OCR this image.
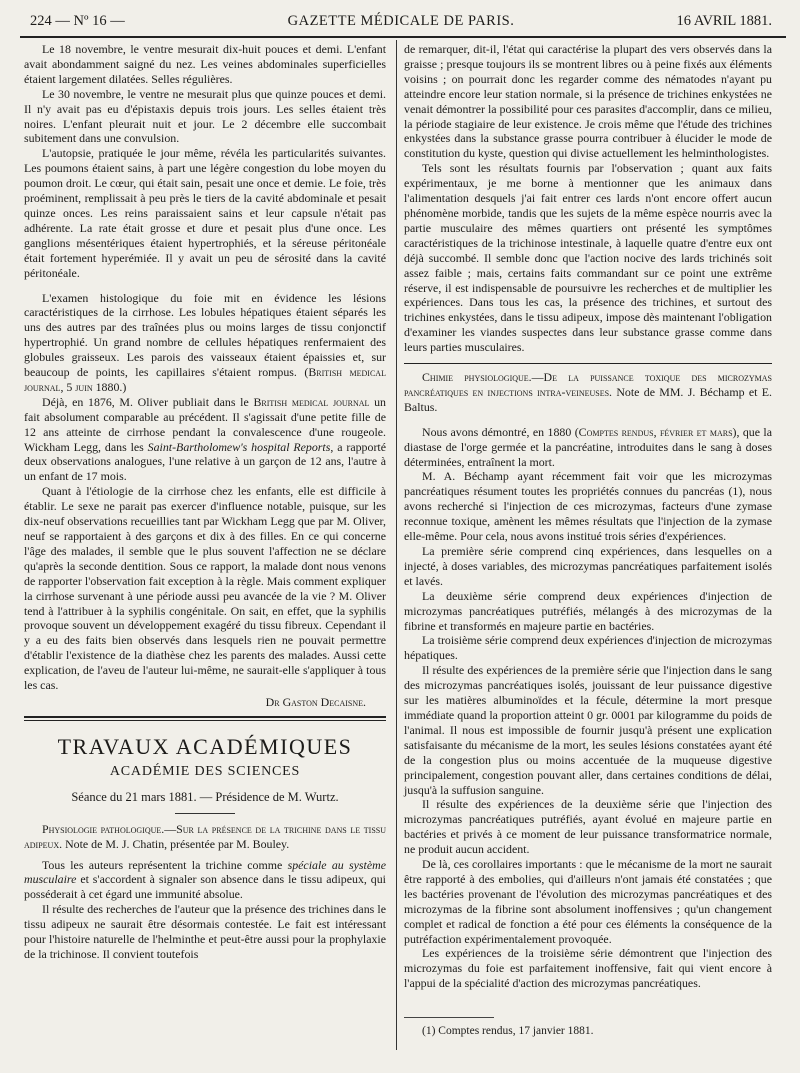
224 — Nº 16 —	GAZETTE MÉDICALE DE PARIS.	16 AVRIL 1881.

Le 18 novembre, le ventre mesurait dix-huit pouces et demi. L'enfant avait abondamment saigné du nez. Les veines abdominales superficielles étaient largement dilatées. Selles régulières.

Le 30 novembre, le ventre ne mesurait plus que quinze pouces et demi. Il n'y avait pas eu d'épistaxis depuis trois jours. Les selles étaient très noires. L'enfant pleurait nuit et jour. Le 2 décembre elle succombait subitement dans une convulsion.

L'autopsie, pratiquée le jour même, révéla les particularités suivantes. Les poumons étaient sains, à part une légère congestion du lobe moyen du poumon droit. Le cœur, qui était sain, pesait une once et demie. Le foie, très proéminent, remplissait à peu près le tiers de la cavité abdominale et pesait quinze onces. Les reins paraissaient sains et leur capsule n'était pas adhérente. La rate était grosse et dure et pesait plus d'une once. Les ganglions mésentériques étaient hypertrophiés, et la séreuse péritonéale était fortement hyperémiée. Il y avait un peu de sérosité dans la cavité péritonéale.

L'examen histologique du foie mit en évidence les lésions caractéristiques de la cirrhose. Les lobules hépatiques étaient séparés les uns des autres par des traînées plus ou moins larges de tissu conjonctif hypertrophié. Un grand nombre de cellules hépatiques renfermaient des globules graisseux. Les parois des vaisseaux étaient épaissies et, sur beaucoup de points, les capillaires s'étaient rompus. (British medical journal, 5 juin 1880.)

Déjà, en 1876, M. Oliver publiait dans le British medical journal un fait absolument comparable au précédent. Il s'agissait d'une petite fille de 12 ans atteinte de cirrhose pendant la convalescence d'une rougeole. Wickham Legg, dans les Saint-Bartholomew's hospital Reports, a rapporté deux observations analogues, l'une relative à un garçon de 12 ans, l'autre à un enfant de 17 mois.

Quant à l'étiologie de la cirrhose chez les enfants, elle est difficile à établir. Le sexe ne parait pas exercer d'influence notable, puisque, sur les dix-neuf observations recueillies tant par Wickham Legg que par M. Oliver, neuf se rapportaient à des garçons et dix à des filles. En ce qui concerne l'âge des malades, il semble que le plus souvent l'affection ne se déclare qu'après la seconde dentition. Sous ce rapport, la malade dont nous venons de rapporter l'observation fait exception à la règle. Mais comment expliquer la cirrhose survenant à une période aussi peu avancée de la vie ? M. Oliver tend à l'attribuer à la syphilis congénitale. On sait, en effet, que la syphilis provoque souvent un développement exagéré du tissu fibreux. Cependant il y a eu des faits bien observés dans lesquels rien ne pouvait permettre d'établir l'existence de la diathèse chez les parents des malades. Aussi cette explication, de l'aveu de l'auteur lui-même, ne saurait-elle s'appliquer à tous les cas.

Dr Gaston Decaisne.
TRAVAUX ACADÉMIQUES
ACADÉMIE DES SCIENCES
Séance du 21 mars 1881. — Présidence de M. Wurtz.

Physiologie pathologique.—Sur la présence de la trichine dans le tissu adipeux. Note de M. J. Chatin, présentée par M. Bouley.

Tous les auteurs représentent la trichine comme spéciale au système musculaire et s'accordent à signaler son absence dans le tissu adipeux, qui posséderait à cet égard une immunité absolue.

Il résulte des recherches de l'auteur que la présence des trichines dans le tissu adipeux ne saurait être désormais contestée. Le fait est intéressant pour l'histoire naturelle de l'helminthe et peut-être aussi pour la prophylaxie de la trichinose. Il convient toutefois

de remarquer, dit-il, l'état qui caractérise la plupart des vers observés dans la graisse ; presque toujours ils se montrent libres ou à peine fixés aux éléments voisins ; on pourrait donc les regarder comme des nématodes n'ayant pu atteindre encore leur station normale, si la présence de trichines enkystées ne venait démontrer la possibilité pour ces parasites d'accomplir, dans ce milieu, la période stagiaire de leur existence. Je crois même que l'étude des trichines enkystées dans la substance grasse pourra contribuer à élucider le mode de constitution du kyste, question qui divise actuellement les helminthologistes.

Tels sont les résultats fournis par l'observation ; quant aux faits expérimentaux, je me borne à mentionner que les animaux dans l'alimentation desquels j'ai fait entrer ces lards n'ont encore offert aucun phénomène morbide, tandis que les sujets de la même espèce nourris avec la partie musculaire des mêmes quartiers ont présenté les symptômes caractéristiques de la trichinose intestinale, à laquelle quatre d'entre eux ont déjà succombé. Il semble donc que l'action nocive des lards trichinés soit assez faible ; mais, certains faits commandant sur ce point une extrême réserve, il est indispensable de poursuivre les recherches et de multiplier les expériences. Dans tous les cas, la présence des trichines, et surtout des trichines enkystées, dans le tissu adipeux, impose dès maintenant l'obligation d'examiner les viandes suspectes dans leur substance grasse comme dans leurs parties musculaires.

Chimie physiologique.—De la puissance toxique des microzymas pancréatiques en injections intra-veineuses. Note de MM. J. Béchamp et E. Baltus.

Nous avons démontré, en 1880 (Comptes rendus, février et mars), que la diastase de l'orge germée et la pancréatine, introduites dans le sang à doses déterminées, entraînent la mort.

M. A. Béchamp ayant récemment fait voir que les microzymas pancréatiques résument toutes les propriétés connues du pancréas (1), nous avons recherché si l'injection de ces microzymas, facteurs d'une zymase reconnue toxique, amènent les mêmes résultats que l'injection de la zymase elle-même. Pour cela, nous avons institué trois séries d'expériences.

La première série comprend cinq expériences, dans lesquelles on a injecté, à doses variables, des microzymas pancréatiques parfaitement isolés et lavés.

La deuxième série comprend deux expériences d'injection de microzymas pancréatiques putréfiés, mélangés à des microzymas de la fibrine et transformés en majeure partie en bactéries.

La troisième série comprend deux expériences d'injection de microzymas hépatiques.

Il résulte des expériences de la première série que l'injection dans le sang des microzymas pancréatiques isolés, jouissant de leur puissance digestive sur les matières albuminoïdes et la fécule, détermine la mort presque immédiate quand la proportion atteint 0 gr. 0001 par kilogramme du poids de l'animal. Il nous est impossible de fournir jusqu'à présent une explication satisfaisante du mécanisme de la mort, les seules lésions constatées ayant été de la congestion plus ou moins accentuée de la muqueuse digestive principalement, congestion pouvant aller, dans certaines conditions de délai, jusqu'à la suffusion sanguine.

Il résulte des expériences de la deuxième série que l'injection des microzymas pancréatiques putréfiés, ayant évolué en majeure partie en bactéries et privés à ce moment de leur puissance transformatrice normale, ne produit aucun accident.

De là, ces corollaires importants : que le mécanisme de la mort ne saurait être rapporté à des embolies, qui d'ailleurs n'ont jamais été constatées ; que les bactéries provenant de l'évolution des microzymas pancréatiques et des microzymas de la fibrine sont absolument inoffensives ; qu'un changement complet et radical de fonction a été pour ces éléments la conséquence de la putréfaction expérimentalement provoquée.

Les expériences de la troisième série démontrent que l'injection des microzymas du foie est parfaitement inoffensive, fait qui vient encore à l'appui de la spécialité d'action des microzymas pancréatiques.

(1) Comptes rendus, 17 janvier 1881.
